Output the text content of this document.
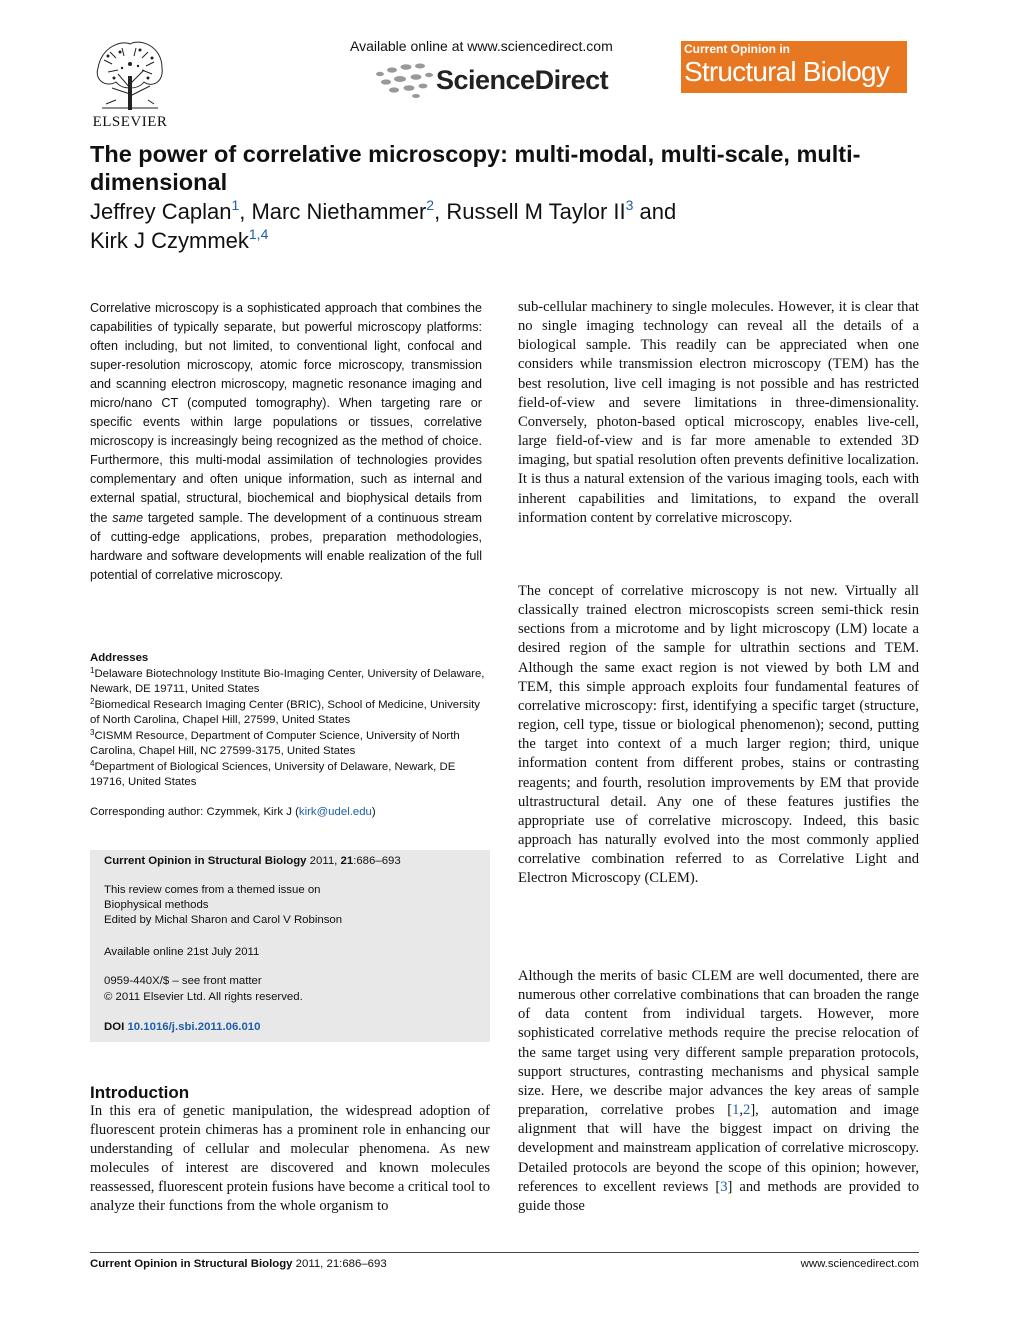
ELSEVIER
Available online at www.sciencedirect.com
ScienceDirect
Current Opinion in
Structural Biology
The power of correlative microscopy: multi-modal, multi-scale, multi-dimensional
Jeffrey Caplan$^1$, Marc Niethammer$^2$, Russell M Taylor $II^3$ and
Kirk J Czymmek$^{1,4}$
Correlative microscopy is a sophisticated approach that combines the capabilities of typically separate, but powerful microscopy platforms: often including, but not limited, to conventional light, confocal and super-resolution microscopy, atomic force microscopy, transmission and scanning electron microscopy, magnetic resonance imaging and micro/nano CT (computed tomography). When targeting rare or specific events within large populations or tissues, correlative microscopy is increasingly being recognized as the method of choice. Furthermore, this multi-modal assimilation of technologies provides complementary and often unique information, such as internal and external spatial, structural, biochemical and biophysical details from the same targeted sample. The development of a continuous stream of cutting-edge applications, probes, preparation methodologies, hardware and software developments will enable realization of the full potential of correlative microscopy.
Addresses
$^1$Delaware Biotechnology Institute Bio-Imaging Center, University of Delaware, Newark, DE 19711, United States
$^2$Biomedical Research Imaging Center (BRIC), School of Medicine, University of North Carolina, Chapel Hill, 27599, United States
$^3$CISMM Resource, Department of Computer Science, University of North Carolina, Chapel Hill, NC 27599-3175, United States
$^4$Department of Biological Sciences, University of Delaware, Newark, DE 19716, United States
Corresponding author: Czymmek, Kirk J (kirk@udel.edu)
Current Opinion in Structural Biology 2011, 21:686–693
This review comes from a themed issue on
Biophysical methods
Edited by Michal Sharon and Carol V Robinson
Available online 21st July 2011
0959-440X/$ – see front matter
© 2011 Elsevier Ltd. All rights reserved.
DOI 10.1016/j.sbi.2011.06.010
Introduction
In this era of genetic manipulation, the widespread adoption of fluorescent protein chimeras has a prominent role in enhancing our understanding of cellular and molecular phenomena. As new molecules of interest are discovered and known molecules reassessed, fluorescent protein fusions have become a critical tool to analyze their functions from the whole organism to
sub-cellular machinery to single molecules. However, it is clear that no single imaging technology can reveal all the details of a biological sample. This readily can be appreciated when one considers while transmission electron microscopy (TEM) has the best resolution, live cell imaging is not possible and has restricted field-of-view and severe limitations in three-dimensionality. Conversely, photon-based optical microscopy, enables live-cell, large field-of-view and is far more amenable to extended 3D imaging, but spatial resolution often prevents definitive localization. It is thus a natural extension of the various imaging tools, each with inherent capabilities and limitations, to expand the overall information content by correlative microscopy.
The concept of correlative microscopy is not new. Virtually all classically trained electron microscopists screen semi-thick resin sections from a microtome and by light microscopy (LM) locate a desired region of the sample for ultrathin sections and TEM. Although the same exact region is not viewed by both LM and TEM, this simple approach exploits four fundamental features of correlative microscopy: first, identifying a specific target (structure, region, cell type, tissue or biological phenomenon); second, putting the target into context of a much larger region; third, unique information content from different probes, stains or contrasting reagents; and fourth, resolution improvements by EM that provide ultrastructural detail. Any one of these features justifies the appropriate use of correlative microscopy. Indeed, this basic approach has naturally evolved into the most commonly applied correlative combination referred to as Correlative Light and Electron Microscopy (CLEM).
Although the merits of basic CLEM are well documented, there are numerous other correlative combinations that can broaden the range of data content from individual targets. However, more sophisticated correlative methods require the precise relocation of the same target using very different sample preparation protocols, support structures, contrasting mechanisms and physical sample size. Here, we describe major advances the key areas of sample preparation, correlative probes [1,2], automation and image alignment that will have the biggest impact on driving the development and mainstream application of correlative microscopy. Detailed protocols are beyond the scope of this opinion; however, references to excellent reviews [3] and methods are provided to guide those
Current Opinion in Structural Biology 2011, 21:686–693	www.sciencedirect.com
